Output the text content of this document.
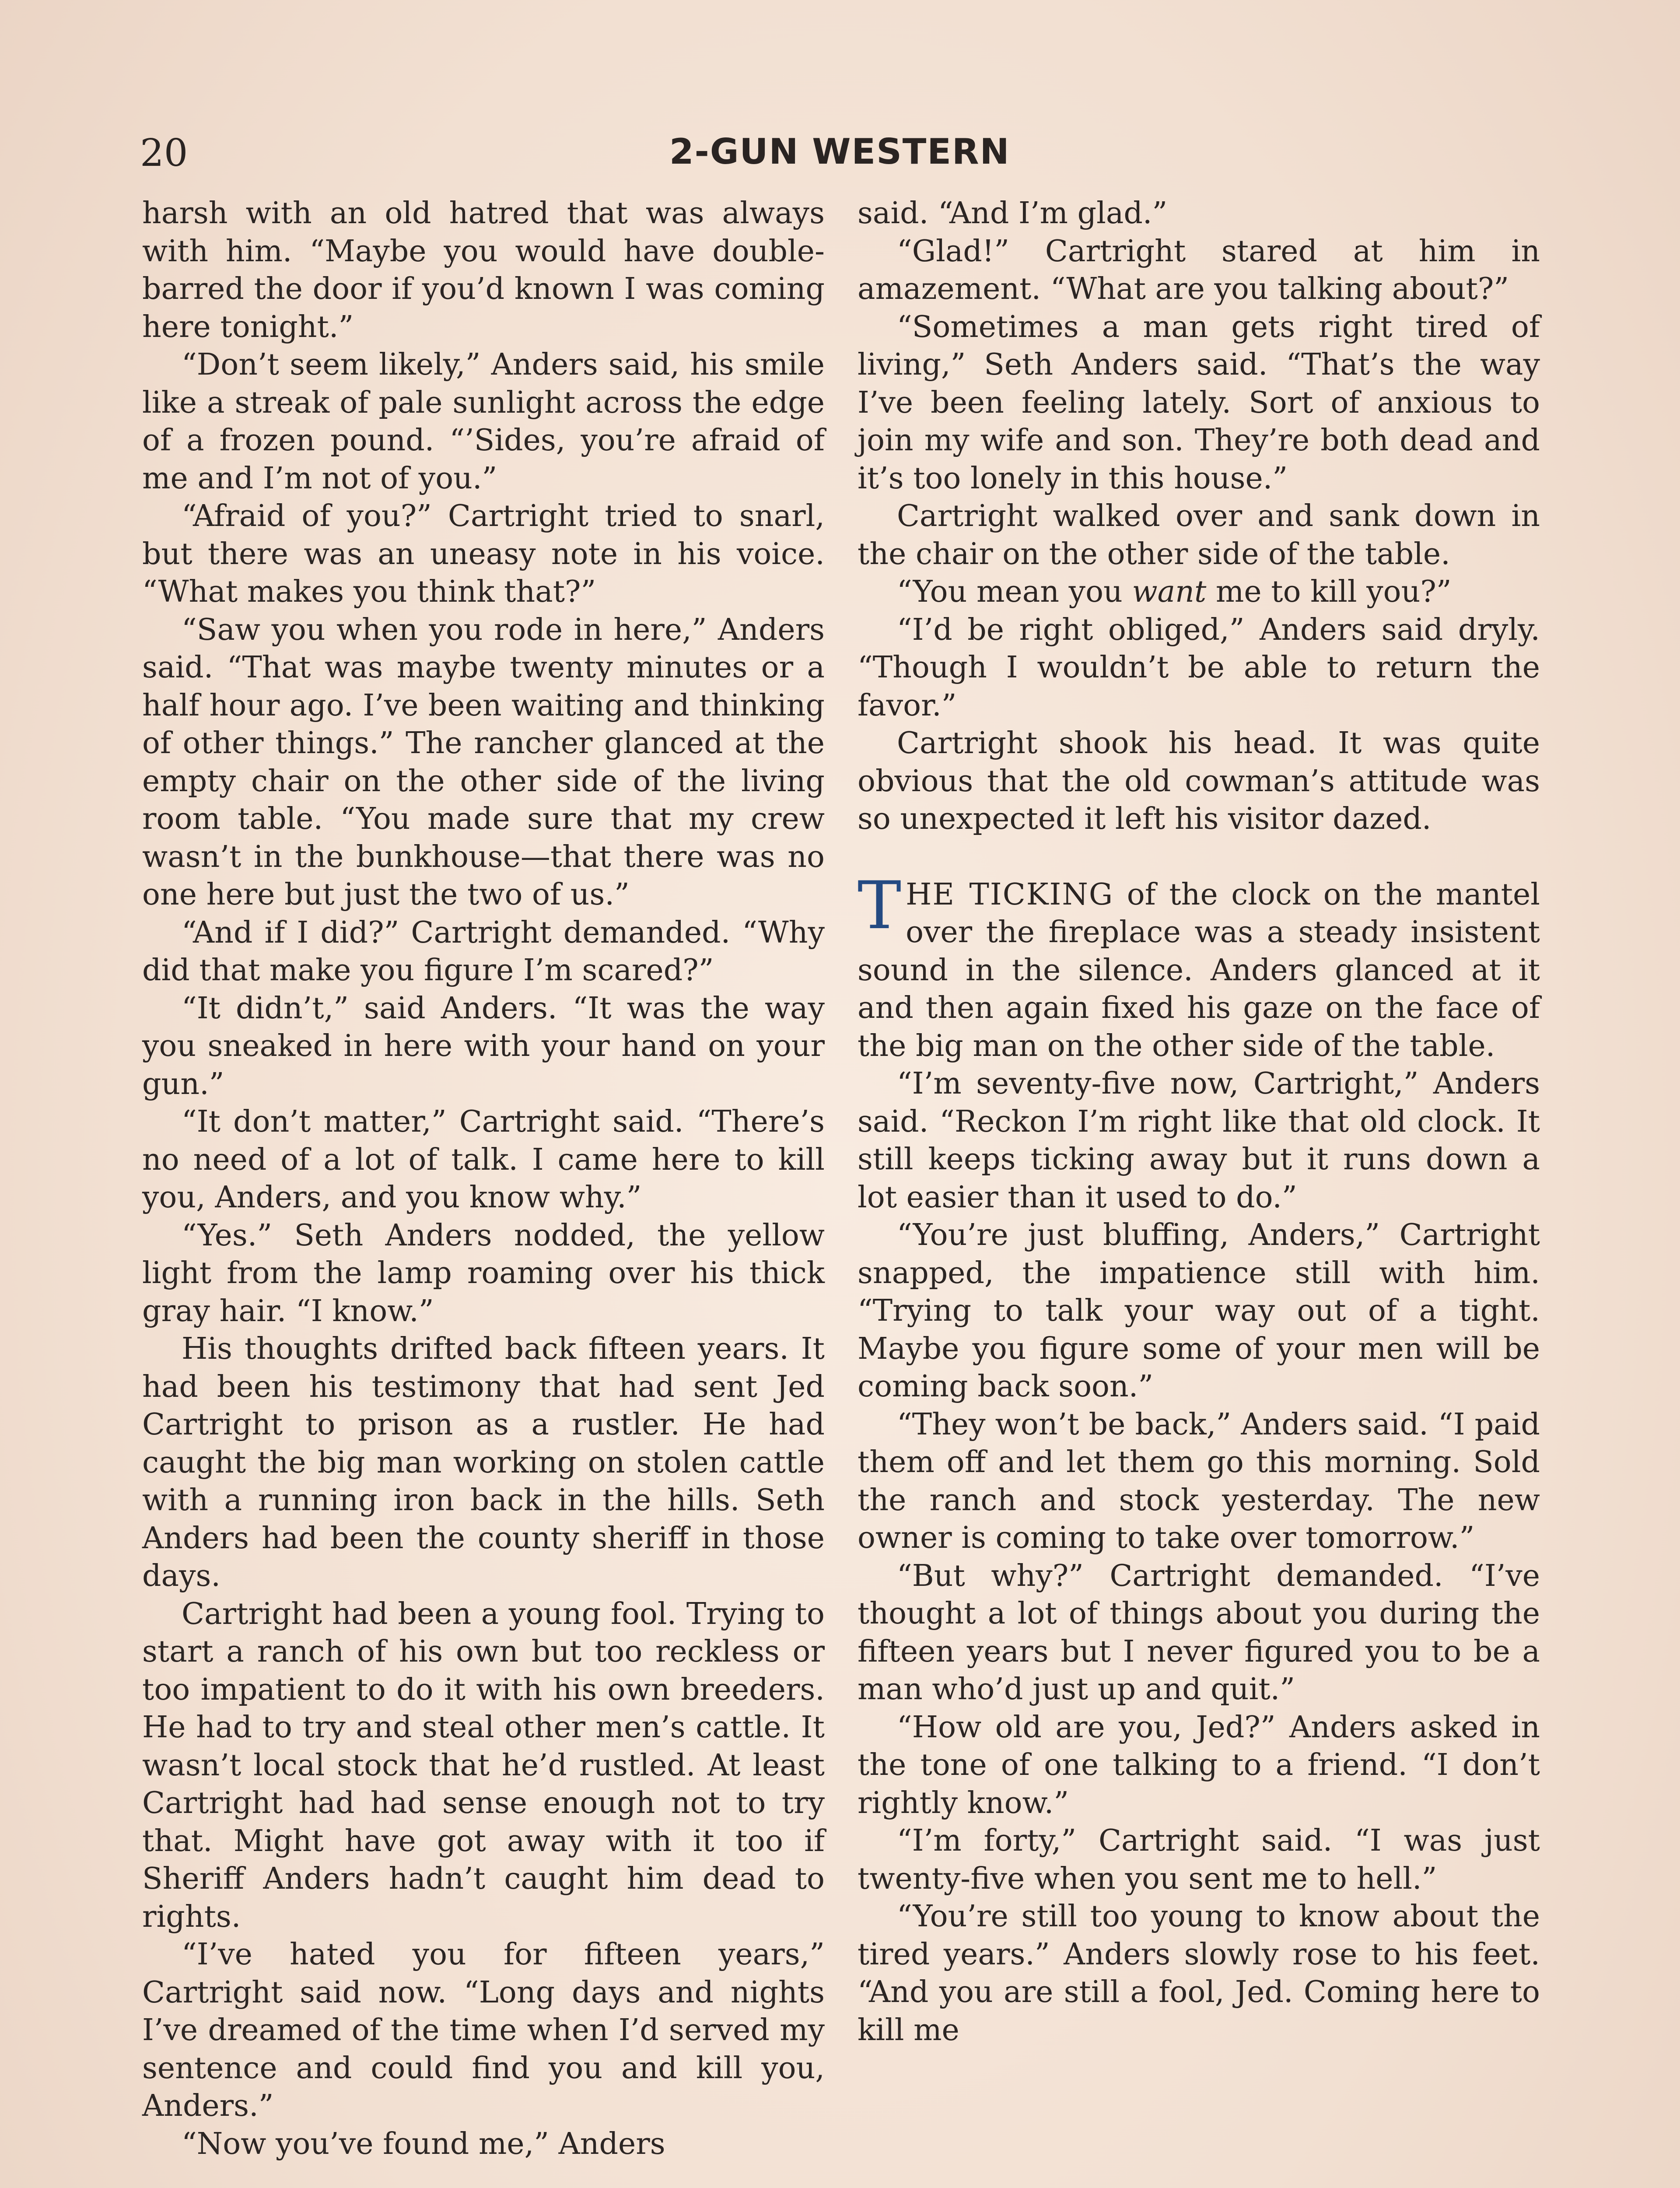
20	2-GUN WESTERN

harsh with an old hatred that was always with him. “Maybe you would have double-barred the door if you’d known I was coming here tonight.”

“Don’t seem likely,” Anders said, his smile like a streak of pale sunlight across the edge of a frozen pound. “’Sides, you’re afraid of me and I’m not of you.”

“Afraid of you?” Cartright tried to snarl, but there was an uneasy note in his voice. “What makes you think that?”

“Saw you when you rode in here,” Anders said. “That was maybe twenty minutes or a half hour ago. I’ve been waiting and thinking of other things.” The rancher glanced at the empty chair on the other side of the living room table. “You made sure that my crew wasn’t in the bunkhouse—that there was no one here but just the two of us.”

“And if I did?” Cartright demanded. “Why did that make you figure I’m scared?”

“It didn’t,” said Anders. “It was the way you sneaked in here with your hand on your gun.”

“It don’t matter,” Cartright said. “There’s no need of a lot of talk. I came here to kill you, Anders, and you know why.”

“Yes.” Seth Anders nodded, the yellow light from the lamp roaming over his thick gray hair. “I know.”

His thoughts drifted back fifteen years. It had been his testimony that had sent Jed Cartright to prison as a rustler. He had caught the big man working on stolen cattle with a running iron back in the hills. Seth Anders had been the county sheriff in those days.

Cartright had been a young fool. Trying to start a ranch of his own but too reckless or too impatient to do it with his own breeders. He had to try and steal other men’s cattle. It wasn’t local stock that he’d rustled. At least Cartright had had sense enough not to try that. Might have got away with it too if Sheriff Anders hadn’t caught him dead to rights.

“I’ve hated you for fifteen years,” Cartright said now. “Long days and nights I’ve dreamed of the time when I’d served my sentence and could find you and kill you, Anders.”

“Now you’ve found me,” Anders

said. “And I’m glad.”

“Glad!” Cartright stared at him in amazement. “What are you talking about?”

“Sometimes a man gets right tired of living,” Seth Anders said. “That’s the way I’ve been feeling lately. Sort of anxious to join my wife and son. They’re both dead and it’s too lonely in this house.”

Cartright walked over and sank down in the chair on the other side of the table.

“You mean you want me to kill you?”

“I’d be right obliged,” Anders said dryly. “Though I wouldn’t be able to return the favor.”

Cartright shook his head. It was quite obvious that the old cowman’s attitude was so unexpected it left his visitor dazed.

THE TICKING of the clock on the mantel over the fireplace was a steady insistent sound in the silence. Anders glanced at it and then again fixed his gaze on the face of the big man on the other side of the table.

“I’m seventy-five now, Cartright,” Anders said. “Reckon I’m right like that old clock. It still keeps ticking away but it runs down a lot easier than it used to do.”

“You’re just bluffing, Anders,” Cartright snapped, the impatience still with him. “Trying to talk your way out of a tight. Maybe you figure some of your men will be coming back soon.”

“They won’t be back,” Anders said. “I paid them off and let them go this morning. Sold the ranch and stock yesterday. The new owner is coming to take over tomorrow.”

“But why?” Cartright demanded. “I’ve thought a lot of things about you during the fifteen years but I never figured you to be a man who’d just up and quit.”

“How old are you, Jed?” Anders asked in the tone of one talking to a friend. “I don’t rightly know.”

“I’m forty,” Cartright said. “I was just twenty-five when you sent me to hell.”

“You’re still too young to know about the tired years.” Anders slowly rose to his feet. “And you are still a fool, Jed. Coming here to kill me
